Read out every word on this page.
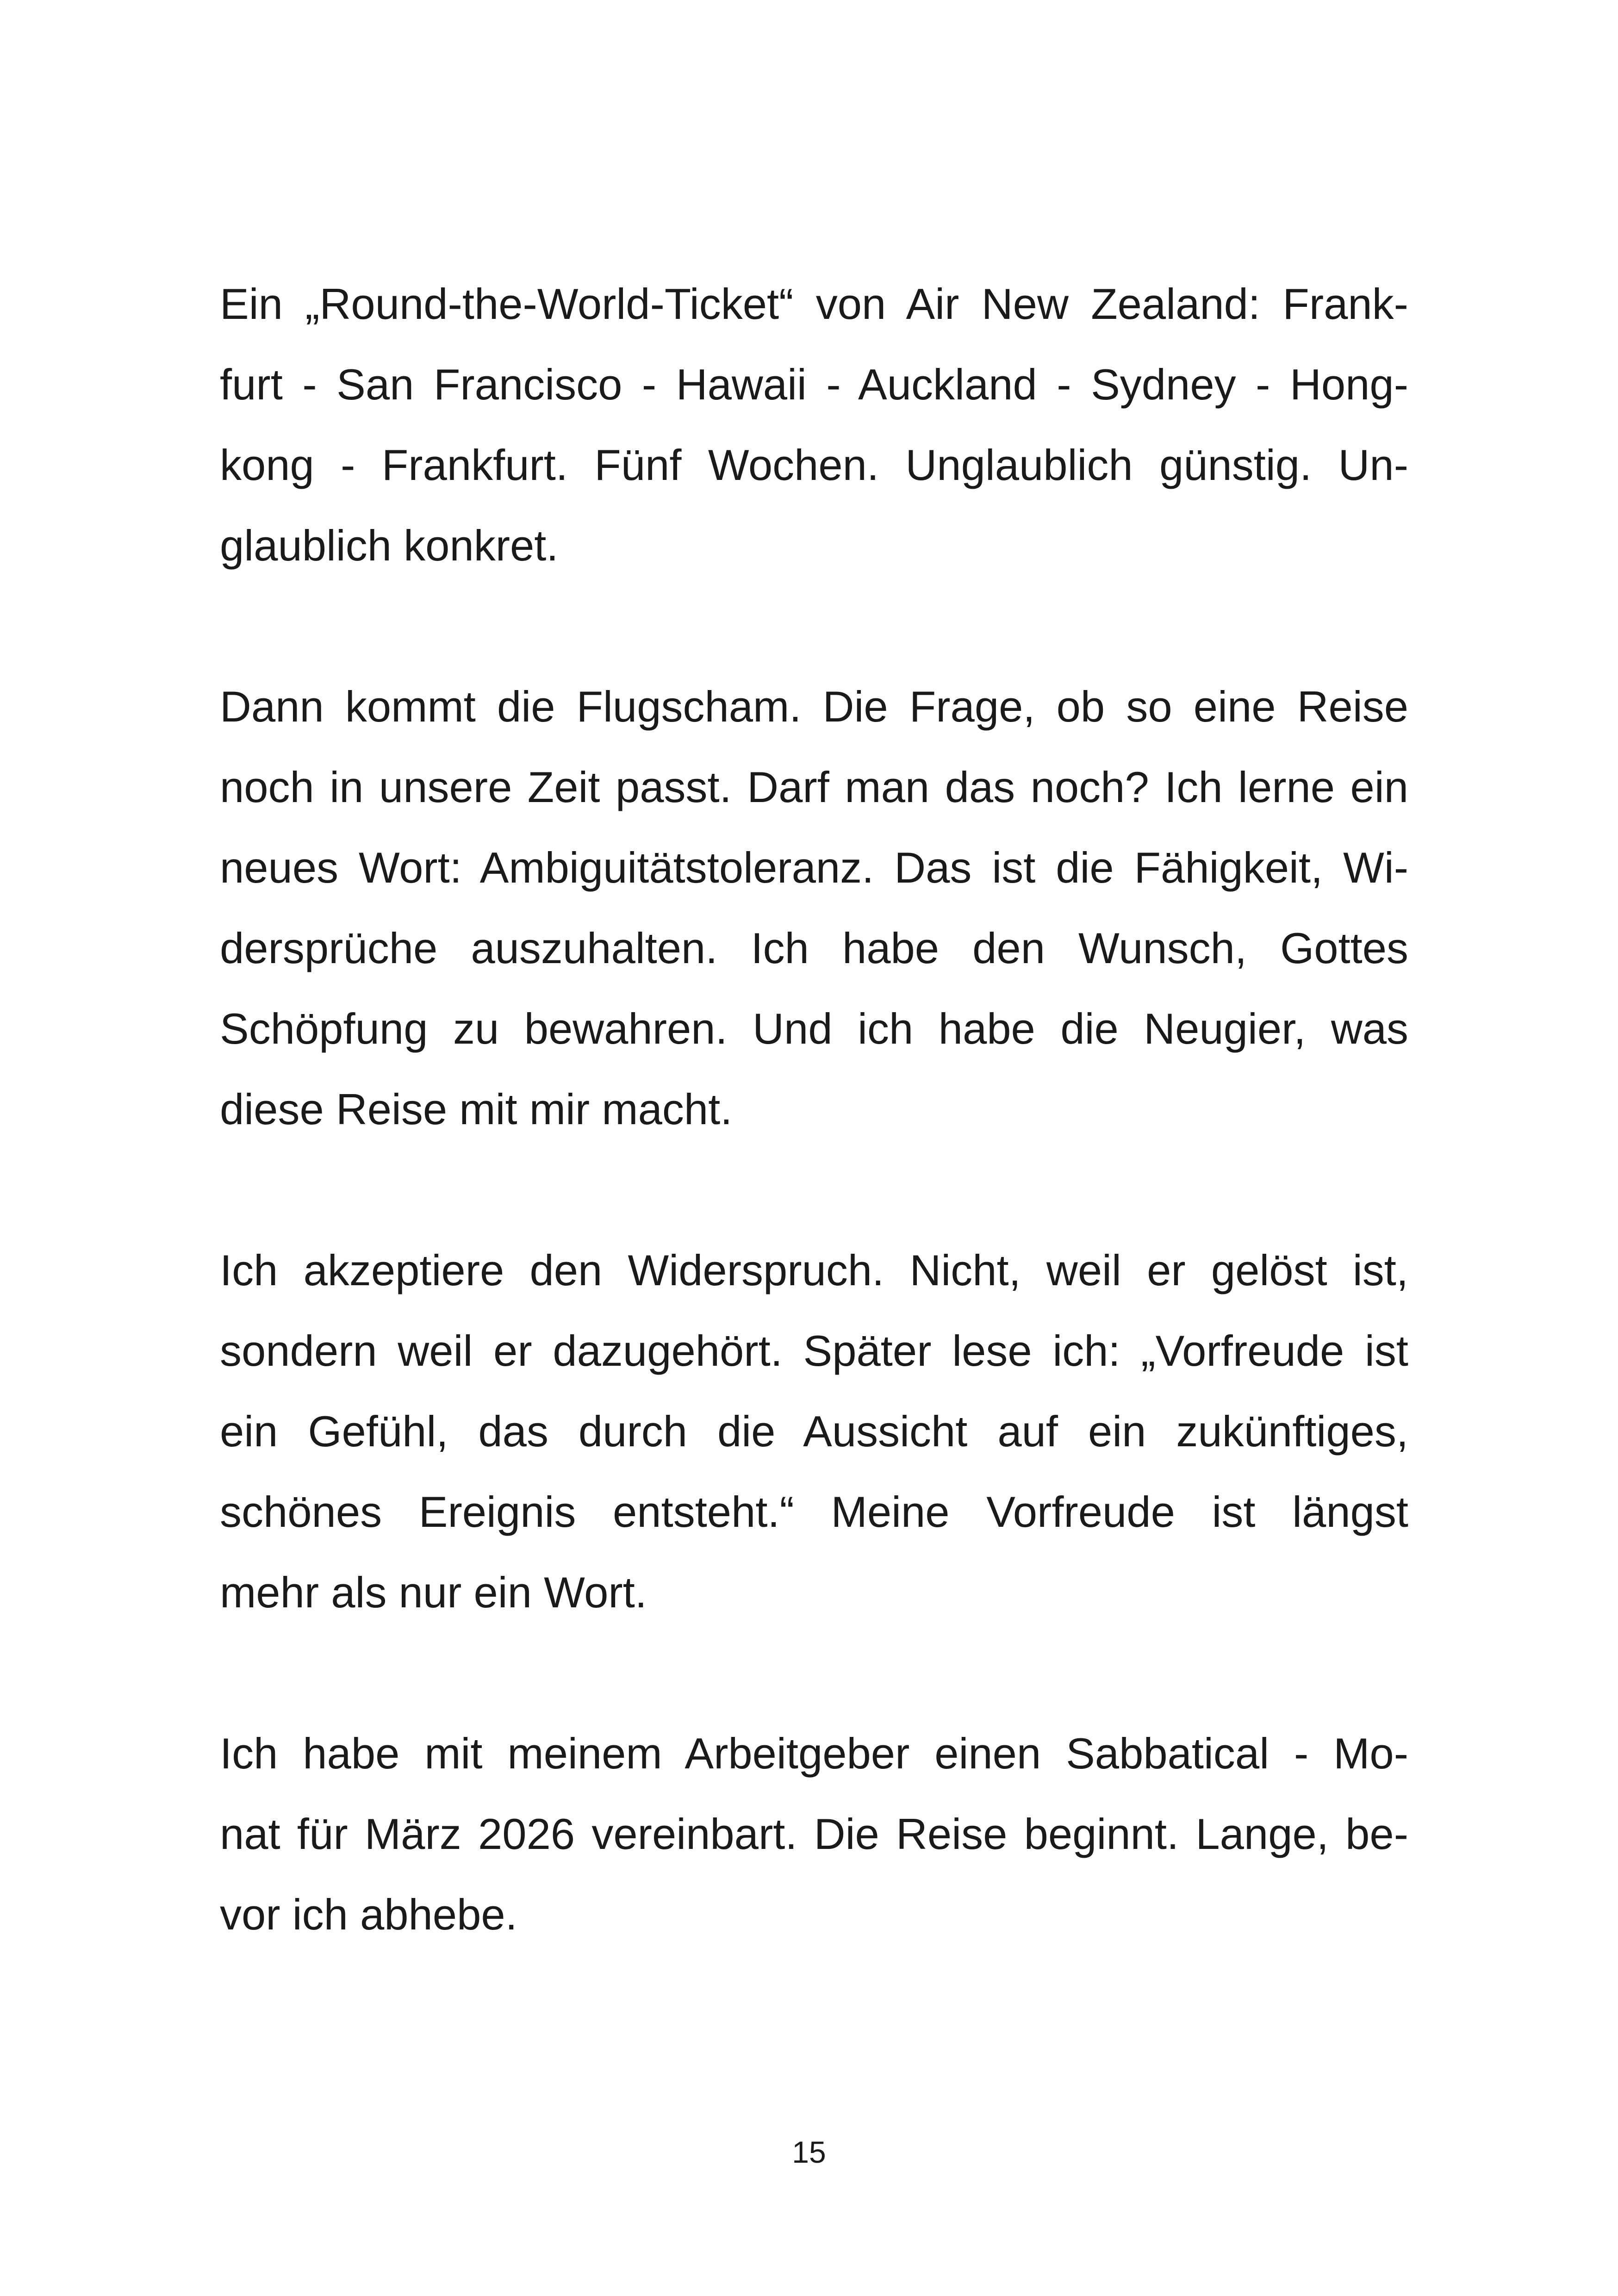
Ein „Round-the-World-Ticket“ von Air New Zealand: Frank-
furt - San Francisco - Hawaii - Auckland - Sydney - Hong-
kong - Frankfurt. Fünf Wochen. Unglaublich günstig. Un-
glaublich konkret.
Dann kommt die Flugscham. Die Frage, ob so eine Reise
noch in unsere Zeit passt. Darf man das noch? Ich lerne ein
neues Wort: Ambiguitätstoleranz. Das ist die Fähigkeit, Wi-
dersprüche auszuhalten. Ich habe den Wunsch, Gottes
Schöpfung zu bewahren. Und ich habe die Neugier, was
diese Reise mit mir macht.
Ich akzeptiere den Widerspruch. Nicht, weil er gelöst ist,
sondern weil er dazugehört. Später lese ich: „Vorfreude ist
ein Gefühl, das durch die Aussicht auf ein zukünftiges,
schönes Ereignis entsteht.“ Meine Vorfreude ist längst
mehr als nur ein Wort.
Ich habe mit meinem Arbeitgeber einen Sabbatical - Mo-
nat für März 2026 vereinbart. Die Reise beginnt. Lange, be-
vor ich abhebe.
15
